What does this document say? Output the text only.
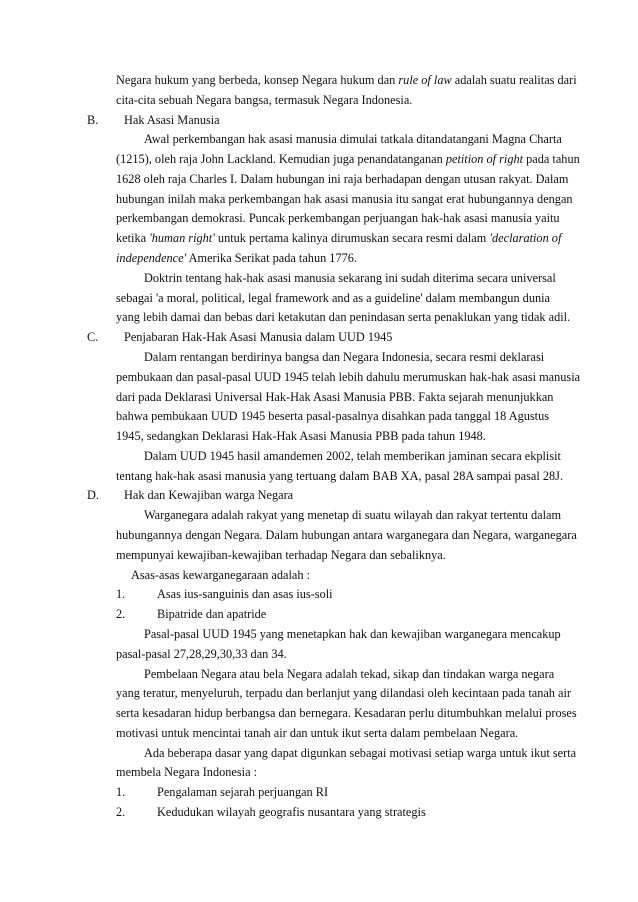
Negara hukum yang berbeda, konsep Negara hukum dan rule of law adalah suatu realitas dari
cita-cita sebuah Negara bangsa, termasuk Negara Indonesia.
B. Hak Asasi Manusia
Awal perkembangan hak asasi manusia dimulai tatkala ditandatangani Magna Charta
(1215), oleh raja John Lackland. Kemudian juga penandatanganan petition of right pada tahun
1628 oleh raja Charles I. Dalam hubungan ini raja berhadapan dengan utusan rakyat. Dalam
hubungan inilah maka perkembangan hak asasi manusia itu sangat erat hubungannya dengan
perkembangan demokrasi. Puncak perkembangan perjuangan hak-hak asasi manusia yaitu
ketika 'human right' untuk pertama kalinya dirumuskan secara resmi dalam 'declaration of
independence' Amerika Serikat pada tahun 1776.
Doktrin tentang hak-hak asasi manusia sekarang ini sudah diterima secara universal
sebagai 'a moral, political, legal framework and as a guideline' dalam membangun dunia
yang lebih damai dan bebas dari ketakutan dan penindasan serta penaklukan yang tidak adil.
C. Penjabaran Hak-Hak Asasi Manusia dalam UUD 1945
Dalam rentangan berdirinya bangsa dan Negara Indonesia, secara resmi deklarasi
pembukaan dan pasal-pasal UUD 1945 telah lebih dahulu merumuskan hak-hak asasi manusia
dari pada Deklarasi Universal Hak-Hak Asasi Manusia PBB. Fakta sejarah menunjukkan
bahwa pembukaan UUD 1945 beserta pasal-pasalnya disahkan pada tanggal 18 Agustus
1945, sedangkan Deklarasi Hak-Hak Asasi Manusia PBB pada tahun 1948.
Dalam UUD 1945 hasil amandemen 2002, telah memberikan jaminan secara ekplisit
tentang hak-hak asasi manusia yang tertuang dalam BAB XA, pasal 28A sampai pasal 28J.
D. Hak dan Kewajiban warga Negara
Warganegara adalah rakyat yang menetap di suatu wilayah dan rakyat tertentu dalam
hubungannya dengan Negara. Dalam hubungan antara warganegara dan Negara, warganegara
mempunyai kewajiban-kewajiban terhadap Negara dan sebaliknya.
Asas-asas kewarganegaraan adalah :
1.	Asas ius-sanguinis dan asas ius-soli
2.	Bipatride dan apatride
Pasal-pasal UUD 1945 yang menetapkan hak dan kewajiban warganegara mencakup
pasal-pasal 27,28,29,30,33 dan 34.
Pembelaan Negara atau bela Negara adalah tekad, sikap dan tindakan warga negara
yang teratur, menyeluruh, terpadu dan berlanjut yang dilandasi oleh kecintaan pada tanah air
serta kesadaran hidup berbangsa dan bernegara. Kesadaran perlu ditumbuhkan melalui proses
motivasi untuk mencintai tanah air dan untuk ikut serta dalam pembelaan Negara.
Ada beberapa dasar yang dapat digunkan sebagai motivasi setiap warga untuk ikut serta
membela Negara Indonesia :
1.	Pengalaman sejarah perjuangan RI
2.	Kedudukan wilayah geografis nusantara yang strategis
